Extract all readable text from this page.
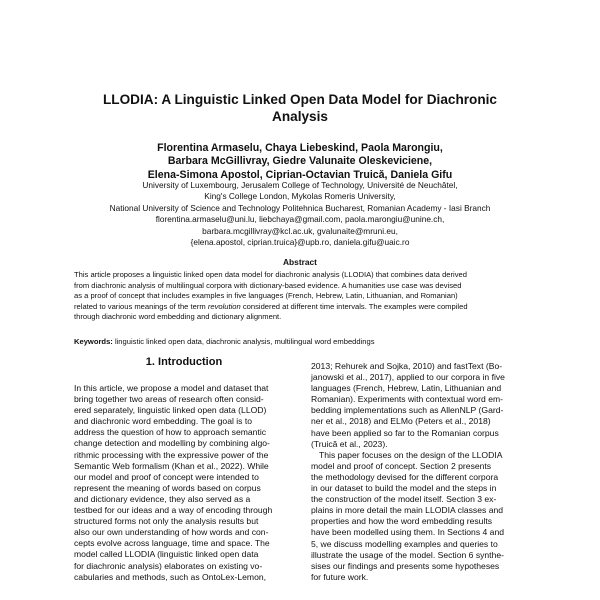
LLODIA: A Linguistic Linked Open Data Model for Diachronic
Analysis
Florentina Armaselu, Chaya Liebeskind, Paola Marongiu,
Barbara McGillivray, Giedre Valunaite Oleskeviciene,
Elena-Simona Apostol, Ciprian-Octavian Truică, Daniela Gifu
University of Luxembourg, Jerusalem College of Technology, Université de Neuchâtel,
King's College London, Mykolas Romeris University,
National University of Science and Technology Politehnica Bucharest, Romanian Academy - Iasi Branch
florentina.armaselu@uni.lu, liebchaya@gmail.com, paola.marongiu@unine.ch,
barbara.mcgillivray@kcl.ac.uk, gvalunaite@mruni.eu,
{elena.apostol, ciprian.truica}@upb.ro, daniela.gifu@uaic.ro
Abstract
This article proposes a linguistic linked open data model for diachronic analysis (LLODIA) that combines data derived
from diachronic analysis of multilingual corpora with dictionary-based evidence. A humanities use case was devised
as a proof of concept that includes examples in five languages (French, Hebrew, Latin, Lithuanian, and Romanian)
related to various meanings of the term revolution considered at different time intervals. The examples were compiled
through diachronic word embedding and dictionary alignment.
Keywords: linguistic linked open data, diachronic analysis, multilingual word embeddings
1. Introduction
In this article, we propose a model and dataset that
bring together two areas of research often consid-
ered separately, linguistic linked open data (LLOD)
and diachronic word embedding. The goal is to
address the question of how to approach semantic
change detection and modelling by combining algo-
rithmic processing with the expressive power of the
Semantic Web formalism (Khan et al., 2022). While
our model and proof of concept were intended to
represent the meaning of words based on corpus
and dictionary evidence, they also served as a
testbed for our ideas and a way of encoding through
structured forms not only the analysis results but
also our own understanding of how words and con-
cepts evolve across language, time and space. The
model called LLODIA (linguistic linked open data
for diachronic analysis) elaborates on existing vo-
cabularies and methods, such as OntoLex-Lemon,
2013; Rehurek and Sojka, 2010) and fastText (Bo-
janowski et al., 2017), applied to our corpora in five
languages (French, Hebrew, Latin, Lithuanian and
Romanian). Experiments with contextual word em-
bedding implementations such as AllenNLP (Gard-
ner et al., 2018) and ELMo (Peters et al., 2018)
have been applied so far to the Romanian corpus
(Truică et al., 2023).
This paper focuses on the design of the LLODIA
model and proof of concept. Section 2 presents
the methodology devised for the different corpora
in our dataset to build the model and the steps in
the construction of the model itself. Section 3 ex-
plains in more detail the main LLODIA classes and
properties and how the word embedding results
have been modelled using them. In Sections 4 and
5, we discuss modelling examples and queries to
illustrate the usage of the model. Section 6 synthe-
sises our findings and presents some hypotheses
for future work.
